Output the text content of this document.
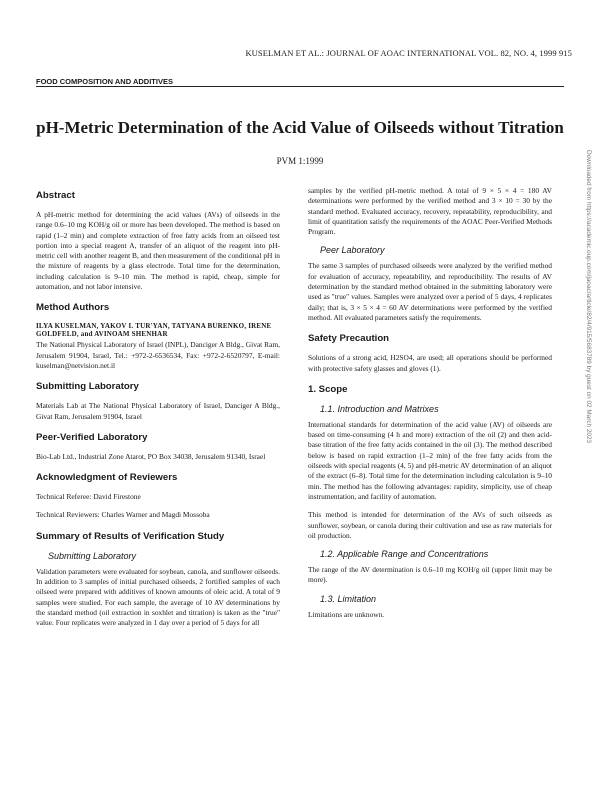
KUSELMAN ET AL.: JOURNAL OF AOAC INTERNATIONAL VOL. 82, NO. 4, 1999 915
FOOD COMPOSITION AND ADDITIVES
pH-Metric Determination of the Acid Value of Oilseeds without Titration
PVM 1:1999
Abstract

A pH-metric method for determining the acid values (AVs) of oilseeds in the range 0.6–10 mg KOH/g oil or more has been developed. The method is based on rapid (1–2 min) and complete extraction of free fatty acids from an oilseed test portion into a special reagent A, transfer of an aliquot of the reagent into pH-metric cell with another reagent B, and then measurement of the conditional pH in the mixture of reagents by a glass electrode. Total time for the determination, including calculation is 9–10 min. The method is rapid, cheap, simple for automation, and not labor intensive.

Method Authors
ILYA KUSELMAN, YAKOV I. TUR'YAN, TATYANA BURENKO, IRENE GOLDFELD, and AVINOAM SHENHAR

The National Physical Laboratory of Israel (INPL), Danciger A Bldg., Givat Ram, Jerusalem 91904, Israel, Tel.: +972-2-6536534, Fax: +972-2-6520797, E-mail: kuselman@netvision.net.il

Submitting Laboratory

Materials Lab at The National Physical Laboratory of Israel, Danciger A Bldg., Givat Ram, Jerusalem 91904, Israel

Peer-Verified Laboratory

Bio-Lab Ltd., Industrial Zone Atarot, PO Box 34038, Jerusalem 91340, Israel

Acknowledgment of Reviewers

Technical Referee: David Firestone

Technical Reviewers: Charles Warner and Magdi Mossoba

Summary of Results of Verification Study
Submitting Laboratory

Validation parameters were evaluated for soybean, canola, and sunflower oilseeds. In addition to 3 samples of initial purchased oilseeds, 2 fortified samples of each oilseed were prepared with additives of known amounts of oleic acid. A total of 9 samples were studied. For each sample, the average of 10 AV determinations by the standard method (oil extraction in soxhlet and titration) is taken as the "true" value. Four replicates were analyzed in 1 day over a period of 5 days for all

samples by the verified pH-metric method. A total of 9 × 5 × 4 = 180 AV determinations were performed by the verified method and 3 × 10 = 30 by the standard method. Evaluated accuracy, recovery, repeatability, reproducibility, and limit of quantitation satisfy the requirements of the AOAC Peer-Verified Methods Program.

Peer Laboratory

The same 3 samples of purchased oilseeds were analyzed by the verified method for evaluation of accuracy, repeatability, and reproducibility. The results of AV determination by the standard method obtained in the submitting laboratory were used as "true" values. Samples were analyzed over a period of 5 days, 4 replicates daily; that is, 3 × 5 × 4 = 60 AV determinations were performed by the verified method. All evaluated parameters satisfy the requirements.

Safety Precaution

Solutions of a strong acid, H2SO4, are used; all operations should be performed with protective safety glasses and gloves (1).

1. Scope
1.1. Introduction and Matrixes

International standards for determination of the acid value (AV) of oilseeds are based on time-consuming (4 h and more) extraction of the oil (2) and then acid-base titration of the free fatty acids contained in the oil (3). The method described below is based on rapid extraction (1–2 min) of the free fatty acids from the oilseeds with special reagents (4, 5) and pH-metric AV determination of an aliquot of the extract (6–8). Total time for the determination including calculation is 9–10 min. The method has the following advantages: rapidity, simplicity, use of cheap instrumentation, and facility of automation.

This method is intended for determination of the AVs of such oilseeds as sunflower, soybean, or canola during their cultivation and use as raw materials for oil production.

1.2. Applicable Range and Concentrations

The range of the AV determination is 0.6–10 mg KOH/g oil (upper limit may be more).

1.3. Limitation

Limitations are unknown.

Downloaded from https://academic.oup.com/jaoac/article/82/4/915/5683789 by guest on 02 March 2023
